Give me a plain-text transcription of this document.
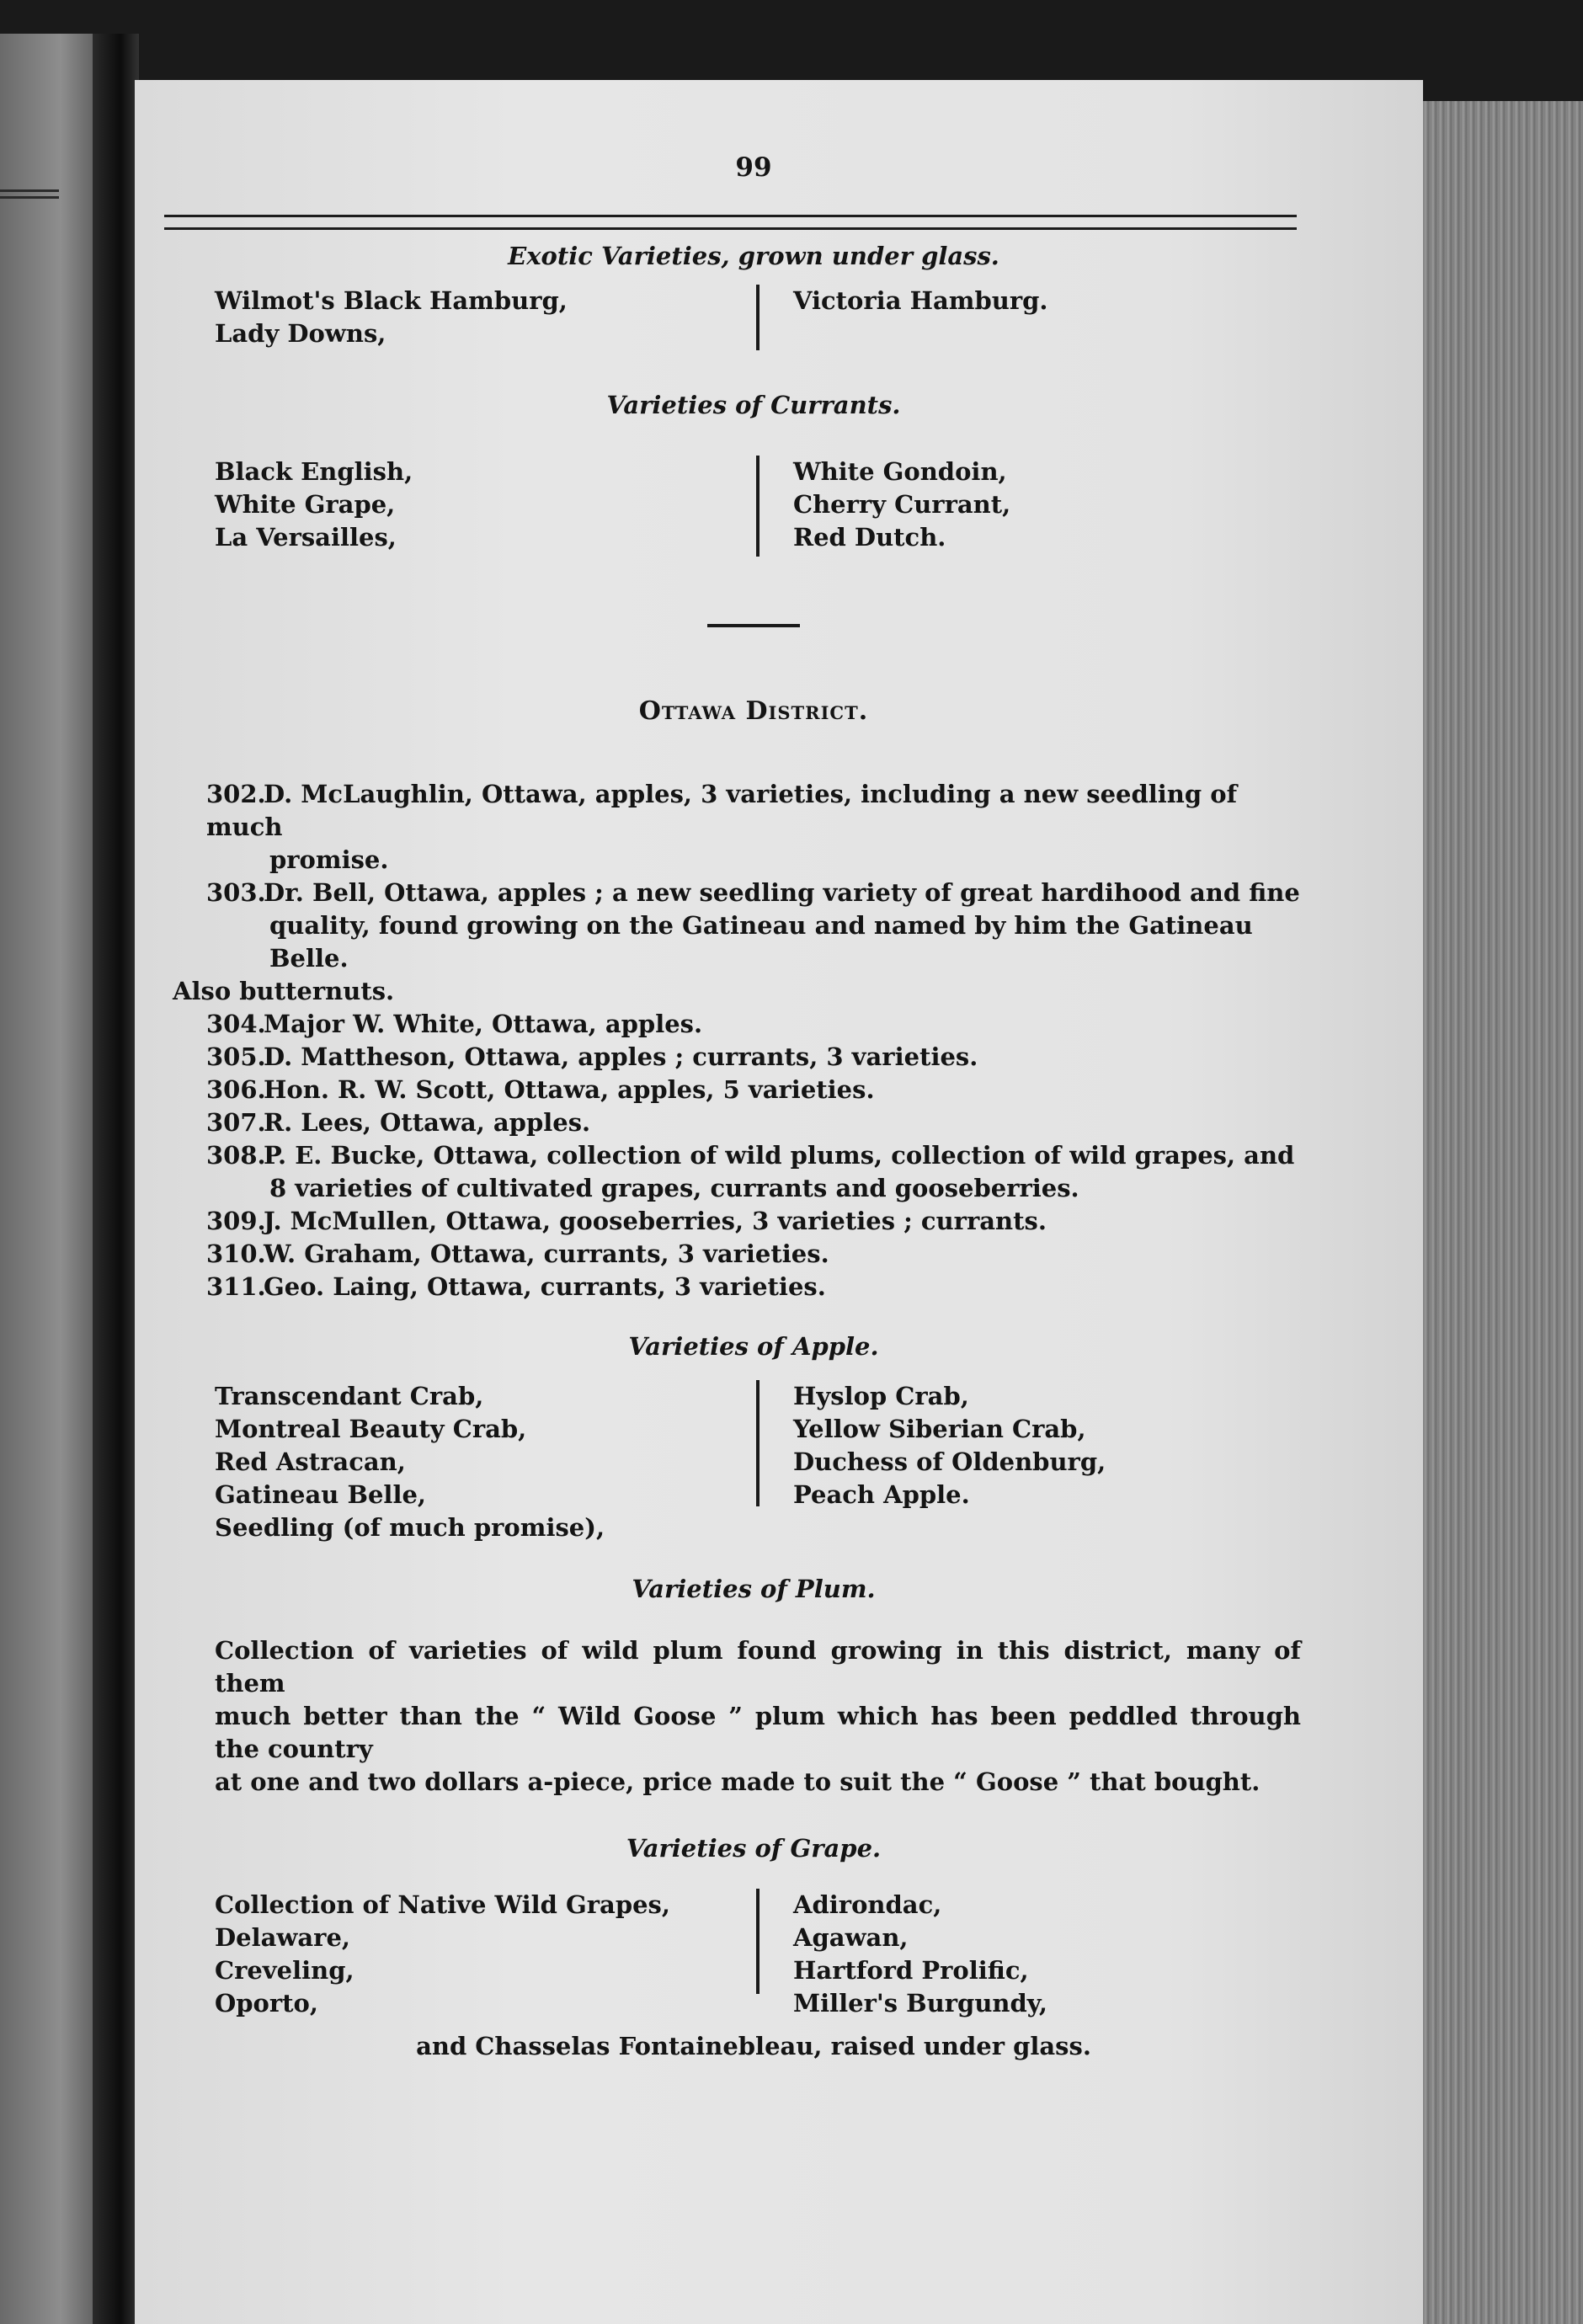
99
Exotic Varieties, grown under glass.

Wilmot's Black Hamburg,

Lady Downs,

Victoria Hamburg.

Varieties of Currants.

Black English,

White Grape,

La Versailles,

White Gondoin,

Cherry Currant,

Red Dutch.

Ottawa District.

302.D. McLaughlin, Ottawa, apples, 3 varieties, including a new seedling of much

promise.

303.Dr. Bell, Ottawa, apples ; a new seedling variety of great hardihood and fine

quality, found growing on the Gatineau and named by him the Gatineau Belle.

Also butternuts.

304.Major W. White, Ottawa, apples.

305.D. Mattheson, Ottawa, apples ; currants, 3 varieties.

306.Hon. R. W. Scott, Ottawa, apples, 5 varieties.

307.R. Lees, Ottawa, apples.

308.P. E. Bucke, Ottawa, collection of wild plums, collection of wild grapes, and

8 varieties of cultivated grapes, currants and gooseberries.

309.J. McMullen, Ottawa, gooseberries, 3 varieties ; currants.

310.W. Graham, Ottawa, currants, 3 varieties.

311.Geo. Laing, Ottawa, currants, 3 varieties.

Varieties of Apple.

Transcendant Crab,

Montreal Beauty Crab,

Red Astracan,

Gatineau Belle,

Seedling (of much promise),

Hyslop Crab,

Yellow Siberian Crab,

Duchess of Oldenburg,

Peach Apple.

Varieties of Plum.

Collection of varieties of wild plum found growing in this district, many of them

much better than the “ Wild Goose ” plum which has been peddled through the country

at one and two dollars a-piece, price made to suit the “ Goose ” that bought.

Varieties of Grape.

Collection of Native Wild Grapes,

Delaware,

Creveling,

Oporto,

Adirondac,

Agawan,

Hartford Prolific,

Miller's Burgundy,

and Chasselas Fontainebleau, raised under glass.
